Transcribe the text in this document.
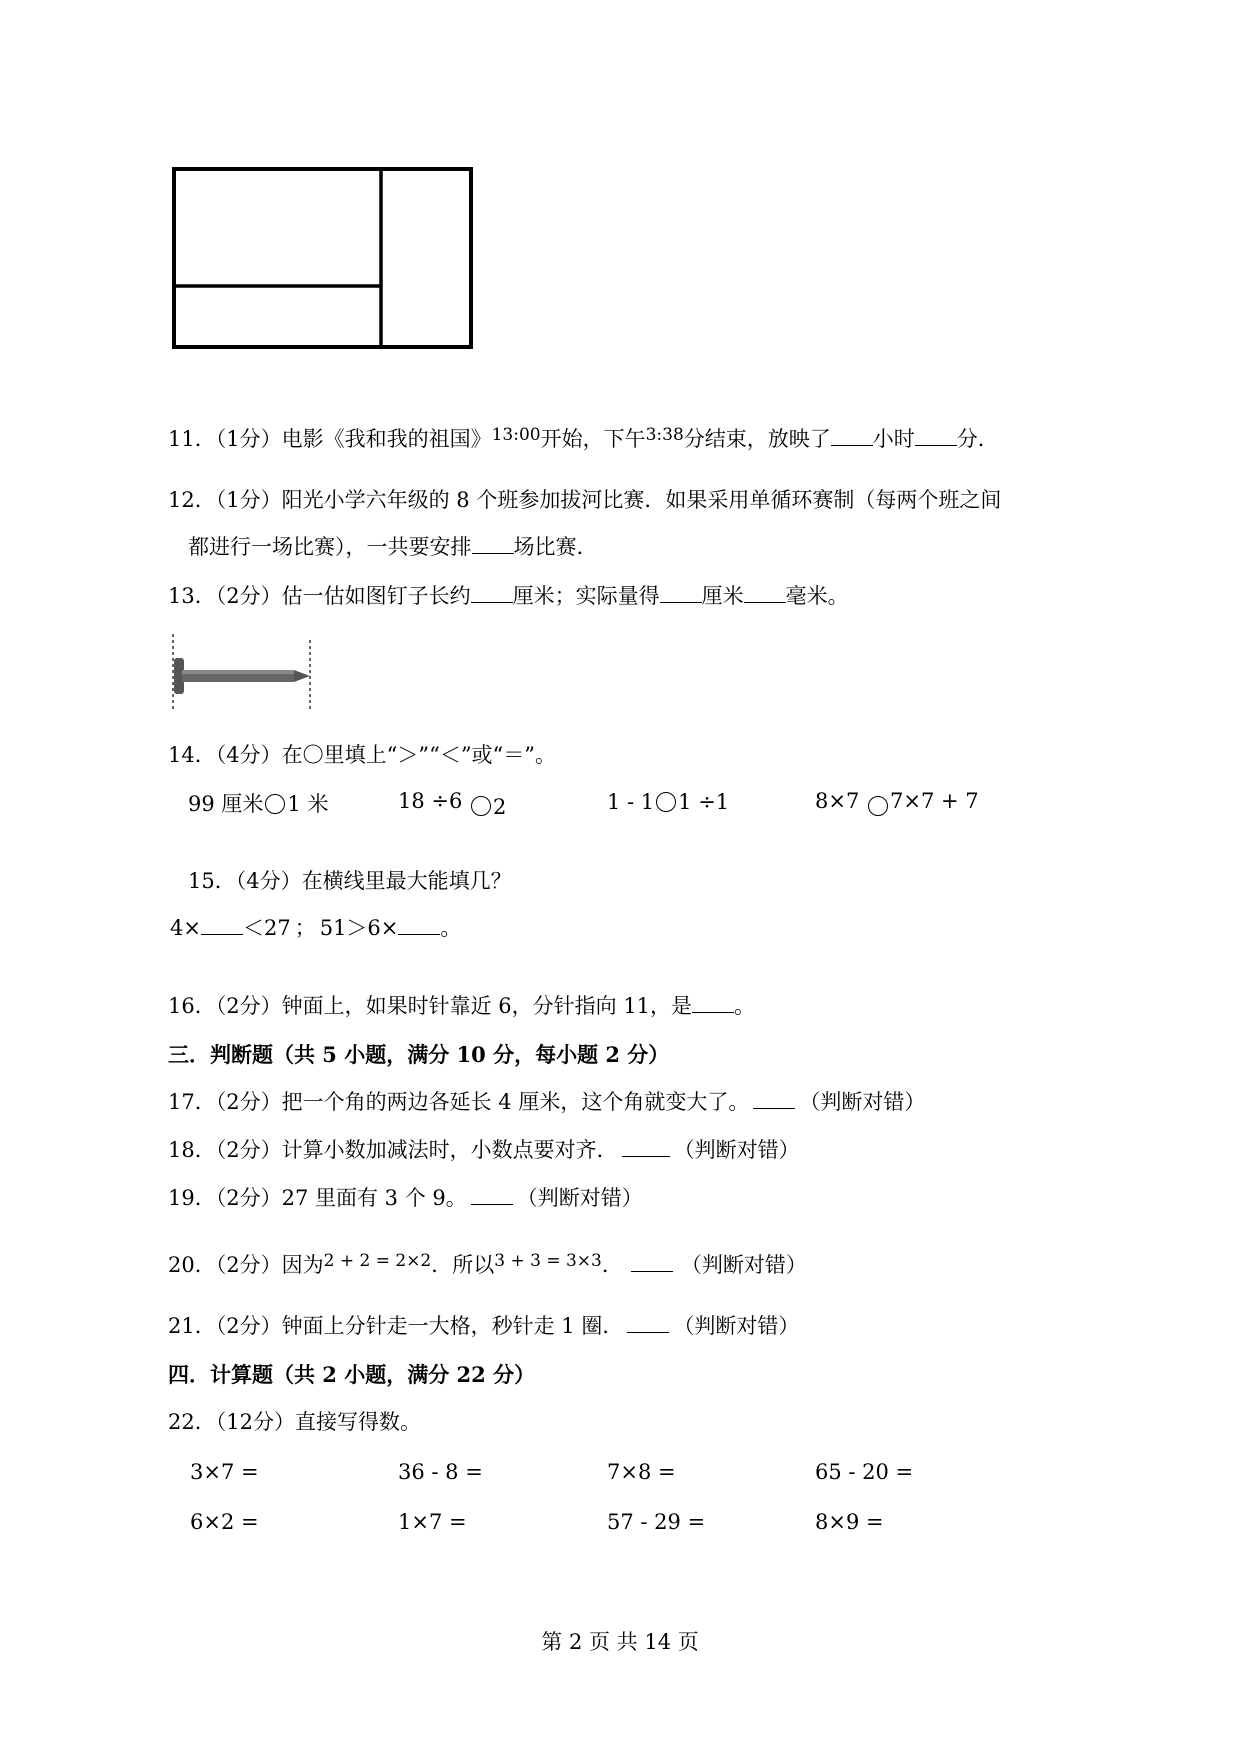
11．（1分）电影《我和我的祖国》$^{13:00}$开始，下午$^{3:38}$分结束，放映了 小时 分．
12．（1分）阳光小学六年级的 8 个班参加拔河比赛．如果采用单循环赛制（每两个班之间
都进行一场比赛），一共要安排 场比赛．
13．（2分）估一估如图钉子长约 厘米；实际量得 厘米 毫米。
14．（4分）在〇里填上“＞”“＜”或“＝”。
99 厘米 1 米	18 ÷6 2	1 - 1 1 ÷1	8×7 7×7 + 7
15．（4分）在横线里最大能填几？
4× ＜27 ； 51＞6× 。
16．（2分）钟面上，如果时针靠近 6，分针指向 11，是 。
三．判断题（共 5 小题，满分 10 分，每小题 2 分）
17．（2分）把一个角的两边各延长 4 厘米，这个角就变大了。 （判断对错）
18．（2分）计算小数加减法时，小数点要对齐．	（判断对错）
19．（2分）27 里面有 3 个 9。 （判断对错）
20．（2分）因为$^{2 + 2 = 2\times 2}$．所以$^{3 + 3 = 3\times 3}$．	（判断对错）
21．（2分）钟面上分针走一大格，秒针走 1 圈． （判断对错）
四．计算题（共 2 小题，满分 22 分）
22．（12分）直接写得数。
3×7 =	36 - 8 =	7×8 =	65 - 20 =
6×2 =	1×7 =	57 - 29 =	8×9 =
第 2 页 共 14 页
